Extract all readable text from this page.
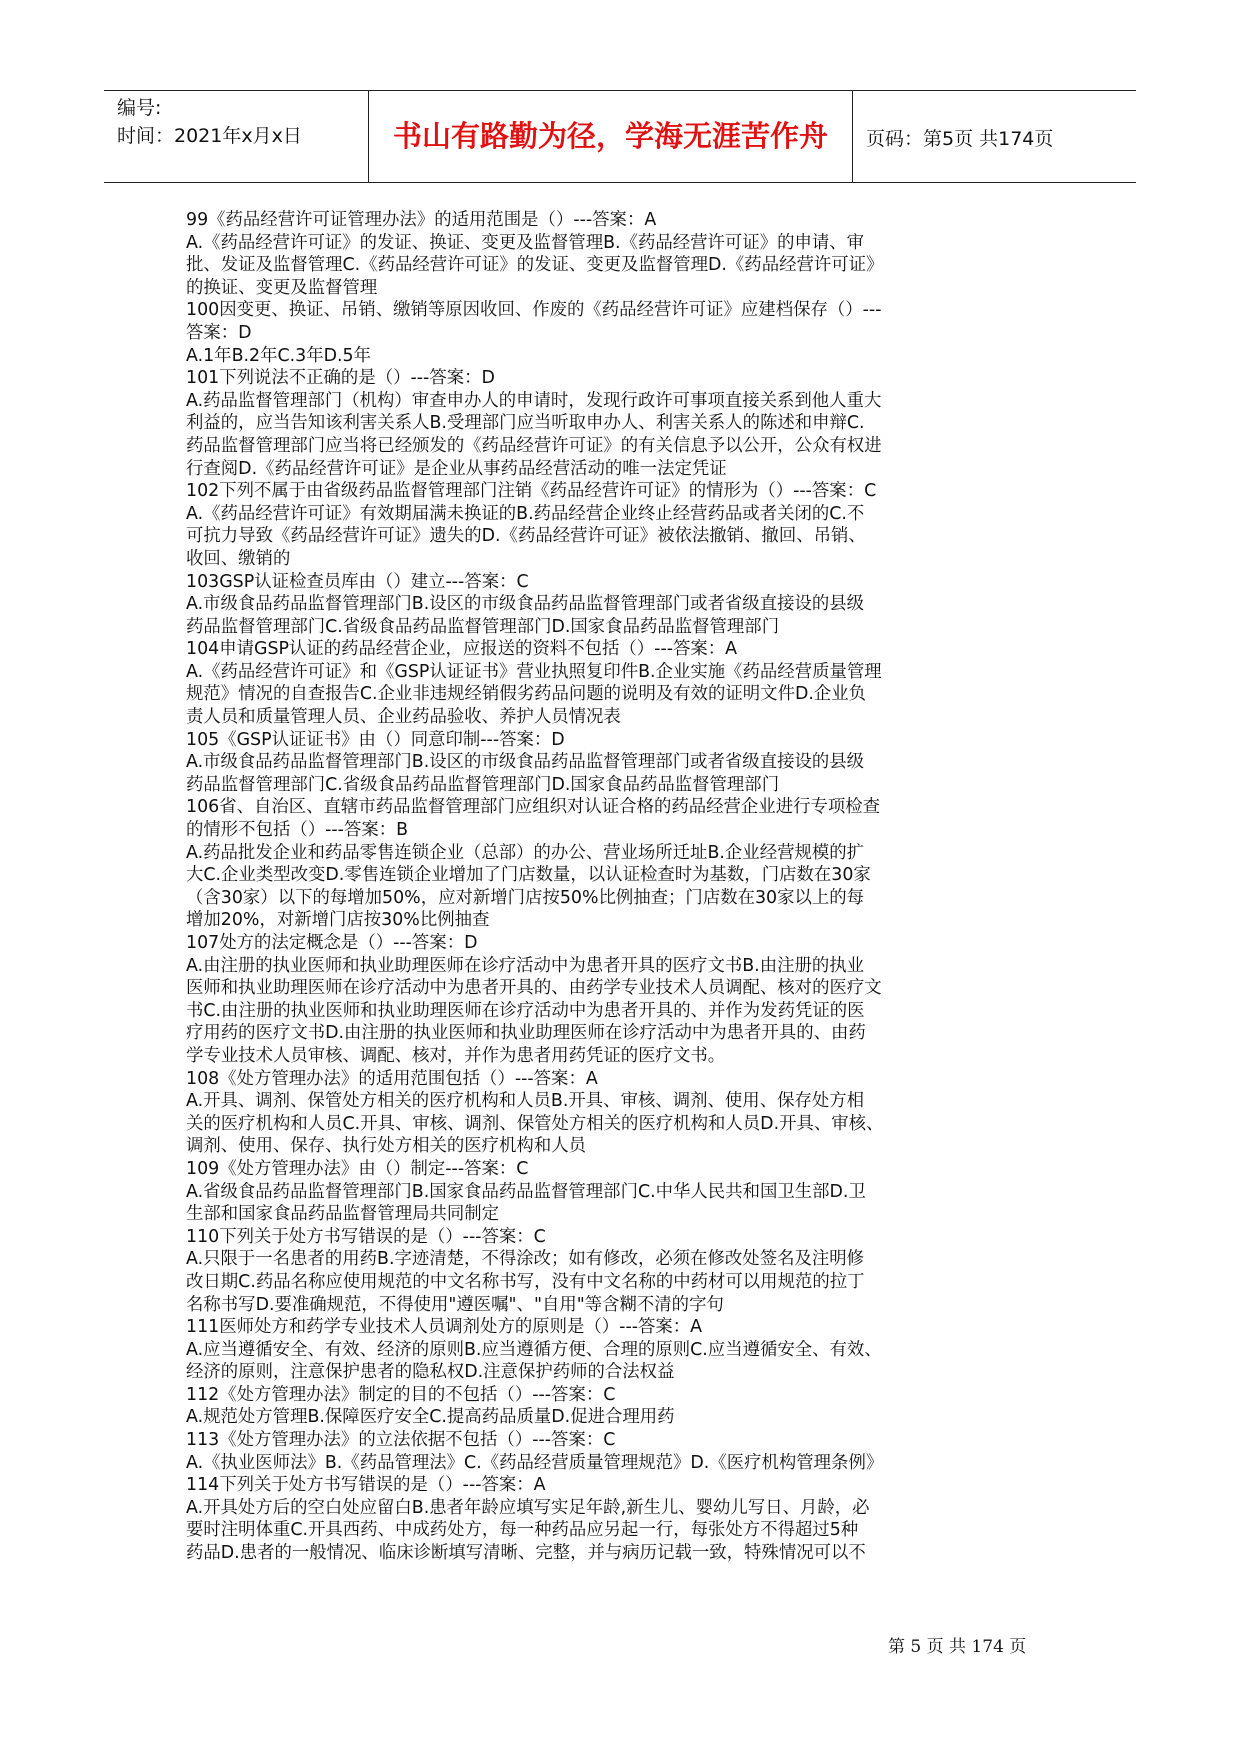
编号:
时间：2021年x月x日	书山有路勤为径，学海无涯苦作舟	页码：第5页 共174页
99《药品经营许可证管理办法》的适用范围是（）---答案：A
A.《药品经营许可证》的发证、换证、变更及监督管理B.《药品经营许可证》的申请、审
批、发证及监督管理C.《药品经营许可证》的发证、变更及监督管理D.《药品经营许可证》
的换证、变更及监督管理
100因变更、换证、吊销、缴销等原因收回、作废的《药品经营许可证》应建档保存（）---
答案：D
A.1年B.2年C.3年D.5年
101下列说法不正确的是（）---答案：D
A.药品监督管理部门（机构）审查申办人的申请时，发现行政许可事项直接关系到他人重大
利益的，应当告知该利害关系人B.受理部门应当听取申办人、利害关系人的陈述和申辩C.
药品监督管理部门应当将已经颁发的《药品经营许可证》的有关信息予以公开，公众有权进
行查阅D.《药品经营许可证》是企业从事药品经营活动的唯一法定凭证
102下列不属于由省级药品监督管理部门注销《药品经营许可证》的情形为（）---答案：C
A.《药品经营许可证》有效期届满未换证的B.药品经营企业终止经营药品或者关闭的C.不
可抗力导致《药品经营许可证》遗失的D.《药品经营许可证》被依法撤销、撤回、吊销、
收回、缴销的
103GSP认证检查员库由（）建立---答案：C
A.市级食品药品监督管理部门B.设区的市级食品药品监督管理部门或者省级直接设的县级
药品监督管理部门C.省级食品药品监督管理部门D.国家食品药品监督管理部门
104申请GSP认证的药品经营企业，应报送的资料不包括（）---答案：A
A.《药品经营许可证》和《GSP认证证书》营业执照复印件B.企业实施《药品经营质量管理
规范》情况的自查报告C.企业非违规经销假劣药品问题的说明及有效的证明文件D.企业负
责人员和质量管理人员、企业药品验收、养护人员情况表
105《GSP认证证书》由（）同意印制---答案：D
A.市级食品药品监督管理部门B.设区的市级食品药品监督管理部门或者省级直接设的县级
药品监督管理部门C.省级食品药品监督管理部门D.国家食品药品监督管理部门
106省、自治区、直辖市药品监督管理部门应组织对认证合格的药品经营企业进行专项检查
的情形不包括（）---答案：B
A.药品批发企业和药品零售连锁企业（总部）的办公、营业场所迁址B.企业经营规模的扩
大C.企业类型改变D.零售连锁企业增加了门店数量，以认证检查时为基数，门店数在30家
（含30家）以下的每增加50%，应对新增门店按50%比例抽查；门店数在30家以上的每
增加20%，对新增门店按30%比例抽查
107处方的法定概念是（）---答案：D
A.由注册的执业医师和执业助理医师在诊疗活动中为患者开具的医疗文书B.由注册的执业
医师和执业助理医师在诊疗活动中为患者开具的、由药学专业技术人员调配、核对的医疗文
书C.由注册的执业医师和执业助理医师在诊疗活动中为患者开具的、并作为发药凭证的医
疗用药的医疗文书D.由注册的执业医师和执业助理医师在诊疗活动中为患者开具的、由药
学专业技术人员审核、调配、核对，并作为患者用药凭证的医疗文书。
108《处方管理办法》的适用范围包括（）---答案：A
A.开具、调剂、保管处方相关的医疗机构和人员B.开具、审核、调剂、使用、保存处方相
关的医疗机构和人员C.开具、审核、调剂、保管处方相关的医疗机构和人员D.开具、审核、
调剂、使用、保存、执行处方相关的医疗机构和人员
109《处方管理办法》由（）制定---答案：C
A.省级食品药品监督管理部门B.国家食品药品监督管理部门C.中华人民共和国卫生部D.卫
生部和国家食品药品监督管理局共同制定
110下列关于处方书写错误的是（）---答案：C
A.只限于一名患者的用药B.字迹清楚，不得涂改；如有修改，必须在修改处签名及注明修
改日期C.药品名称应使用规范的中文名称书写，没有中文名称的中药材可以用规范的拉丁
名称书写D.要准确规范，不得使用"遵医嘱"、"自用"等含糊不清的字句
111医师处方和药学专业技术人员调剂处方的原则是（）---答案：A
A.应当遵循安全、有效、经济的原则B.应当遵循方便、合理的原则C.应当遵循安全、有效、
经济的原则，注意保护患者的隐私权D.注意保护药师的合法权益
112《处方管理办法》制定的目的不包括（）---答案：C
A.规范处方管理B.保障医疗安全C.提高药品质量D.促进合理用药
113《处方管理办法》的立法依据不包括（）---答案：C
A.《执业医师法》B.《药品管理法》C.《药品经营质量管理规范》D.《医疗机构管理条例》
114下列关于处方书写错误的是（）---答案：A
A.开具处方后的空白处应留白B.患者年龄应填写实足年龄,新生儿、婴幼儿写日、月龄，必
要时注明体重C.开具西药、中成药处方，每一种药品应另起一行，每张处方不得超过5种
药品D.患者的一般情况、临床诊断填写清晰、完整，并与病历记载一致，特殊情况可以不
第 5 页 共 174 页
